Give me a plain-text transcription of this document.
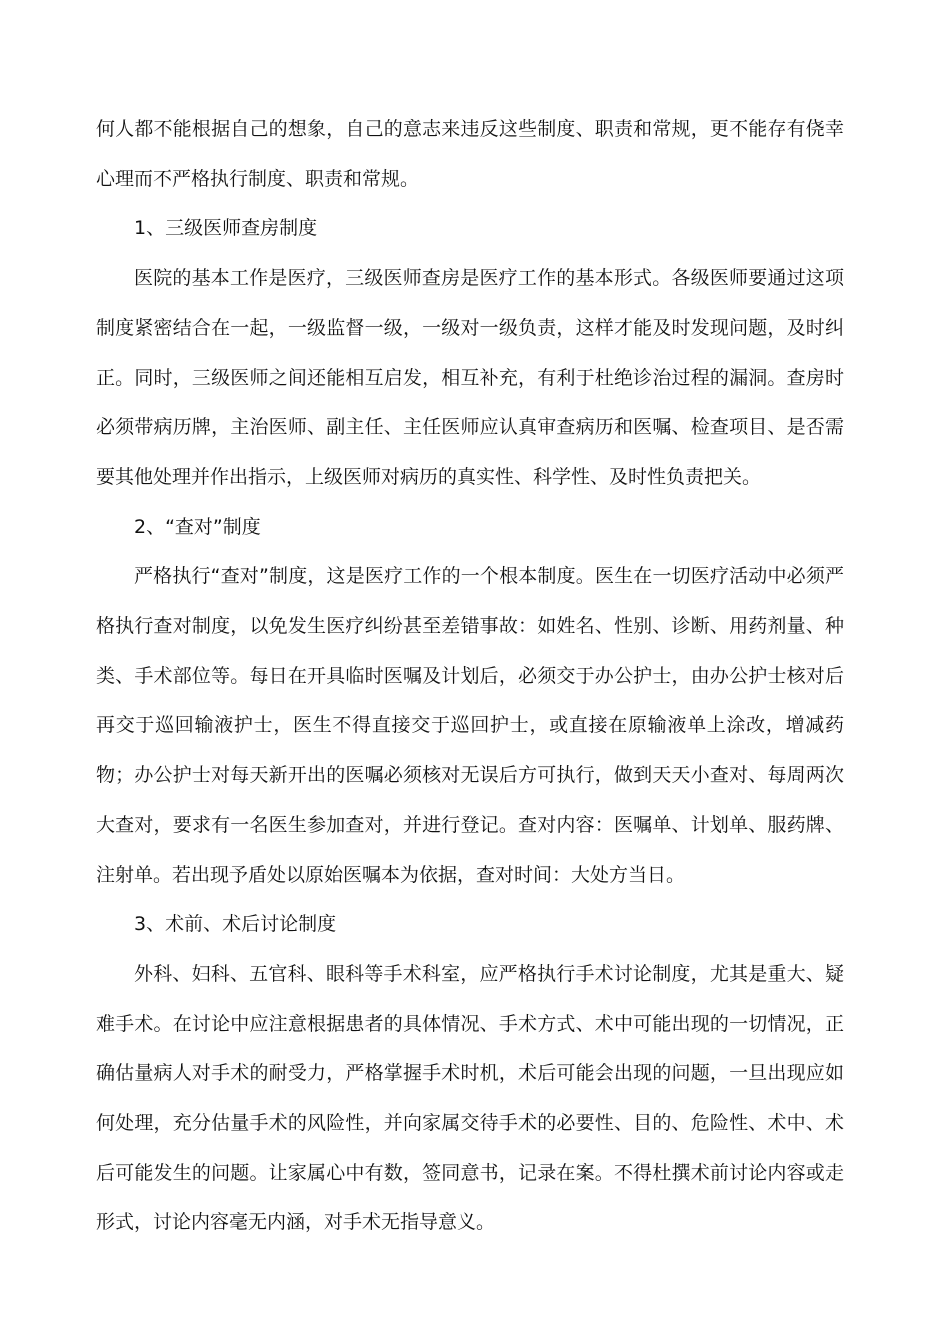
何人都不能根据自己的想象，自己的意志来违反这些制度、职责和常规，更不能存有侥幸心理而不严格执行制度、职责和常规。

1、三级医师查房制度

医院的基本工作是医疗，三级医师查房是医疗工作的基本形式。各级医师要通过这项制度紧密结合在一起，一级监督一级，一级对一级负责，这样才能及时发现问题，及时纠正。同时，三级医师之间还能相互启发，相互补充，有利于杜绝诊治过程的漏洞。查房时必须带病历牌，主治医师、副主任、主任医师应认真审查病历和医嘱、检查项目、是否需要其他处理并作出指示，上级医师对病历的真实性、科学性、及时性负责把关。

2、“查对”制度

严格执行“查对”制度，这是医疗工作的一个根本制度。医生在一切医疗活动中必须严格执行查对制度，以免发生医疗纠纷甚至差错事故：如姓名、性别、诊断、用药剂量、种类、手术部位等。每日在开具临时医嘱及计划后，必须交于办公护士，由办公护士核对后再交于巡回输液护士，医生不得直接交于巡回护士，或直接在原输液单上涂改，增减药物；办公护士对每天新开出的医嘱必须核对无误后方可执行，做到天天小查对、每周两次大查对，要求有一名医生参加查对，并进行登记。查对内容：医嘱单、计划单、服药牌、注射单。若出现予盾处以原始医嘱本为依据，查对时间：大处方当日。

3、术前、术后讨论制度

外科、妇科、五官科、眼科等手术科室，应严格执行手术讨论制度，尤其是重大、疑难手术。在讨论中应注意根据患者的具体情况、手术方式、术中可能出现的一切情况，正确估量病人对手术的耐受力，严格掌握手术时机，术后可能会出现的问题，一旦出现应如何处理，充分估量手术的风险性，并向家属交待手术的必要性、目的、危险性、术中、术后可能发生的问题。让家属心中有数，签同意书，记录在案。不得杜撰术前讨论内容或走形式，讨论内容毫无内涵，对手术无指导意义。
